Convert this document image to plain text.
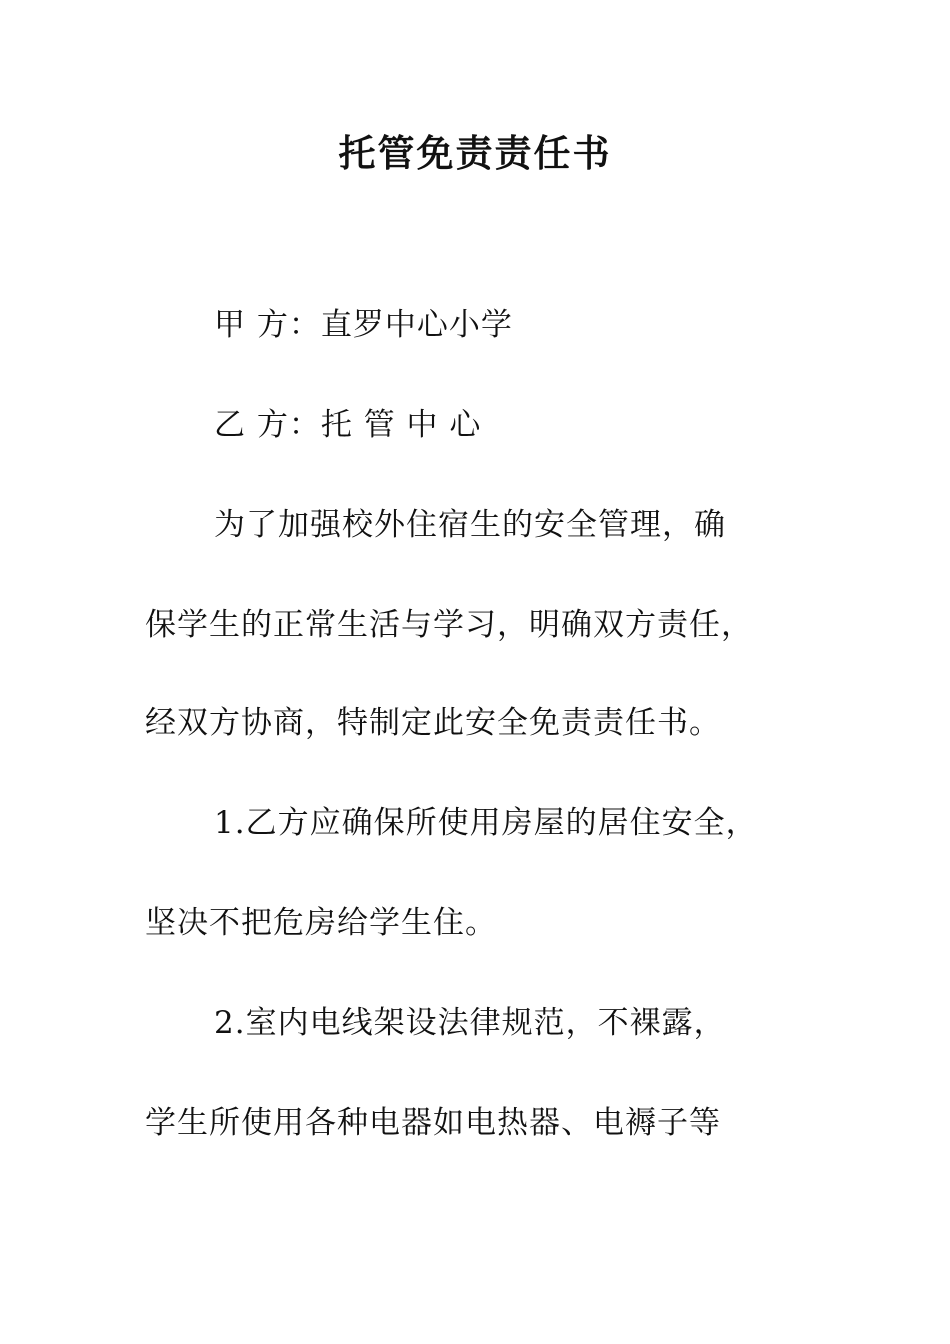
托管免责责任书
甲 方：直罗中心小学
乙 方：托 管 中 心
为了加强校外住宿生的安全管理，确
保学生的正常生活与学习，明确双方责任，
经双方协商，特制定此安全免责责任书。
1.乙方应确保所使用房屋的居住安全，
坚决不把危房给学生住。
2.室内电线架设法律规范，不裸露，
学生所使用各种电器如电热器、电褥子等
